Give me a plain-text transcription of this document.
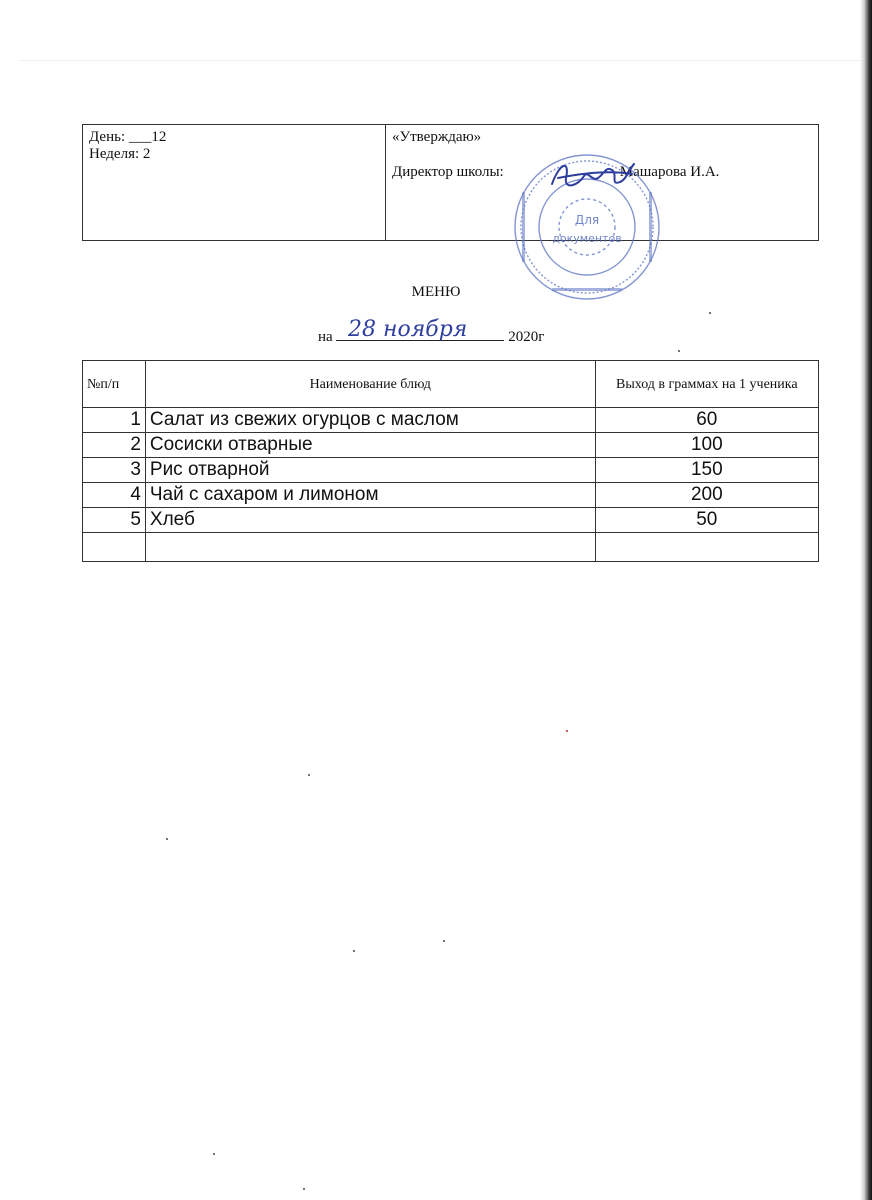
День: ___12
Неделя: 2

«Утверждаю»
Директор школы:	Машарова И.А.
Для
документов
МЕНЮ
на	2020г
28 ноября
№п/п	Наименование блюд	Выход в граммах на 1 ученика
1	Салат из свежих огурцов с маслом	60
2	Сосиски отварные	100
3	Рис отварной	150
4	Чай с сахаром и лимоном	200
5	Хлеб	50
